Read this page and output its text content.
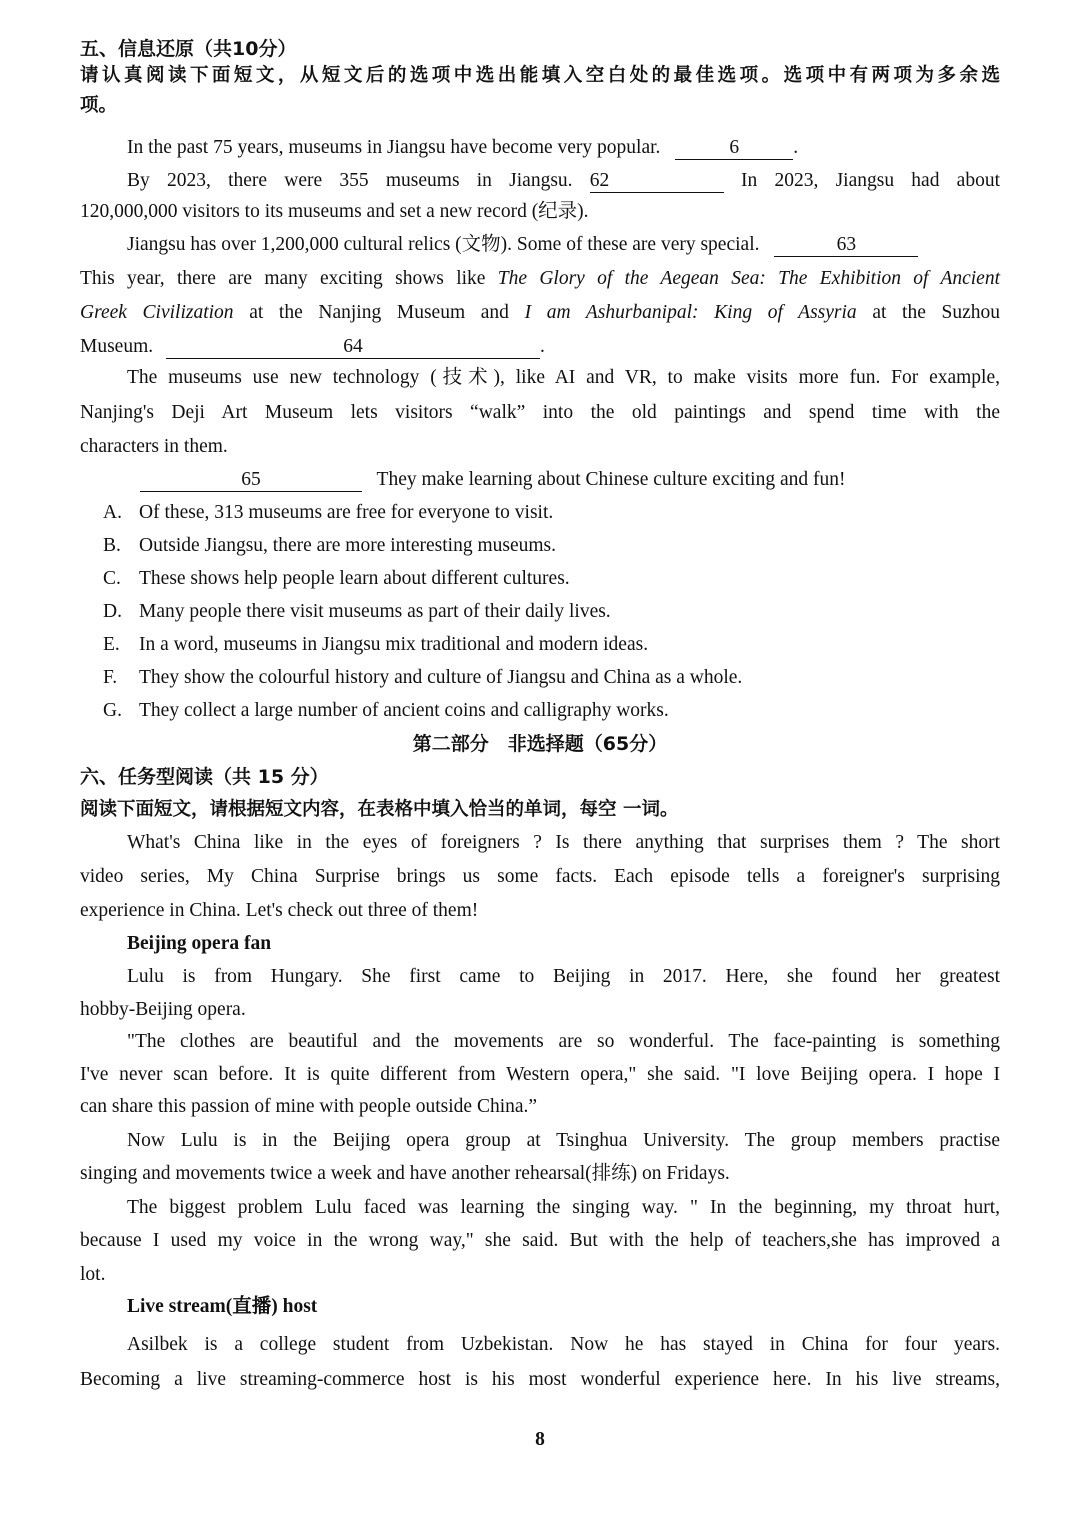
五、信息还原（共10分）
请认真阅读下面短文，从短文后的选项中选出能填入空白处的最佳选项。选项中有两项为多余选
项。
In the past 75 years, museums in Jiangsu have become very popular.	6	.
By 2023, there were 355 museums in Jiangsu. 62	In 2023, Jiangsu had about
120,000,000 visitors to its museums and set a new record (纪录).
Jiangsu has over 1,200,000 cultural relics (文物). Some of these are very special.	63
This year, there are many exciting shows like The Glory of the Aegean Sea: The Exhibition of Ancient
Greek Civilization at the Nanjing Museum and I am Ashurbanipal: King of Assyria at the Suzhou
Museum.	64	.
The museums use new technology (技术), like AI and VR, to make visits more fun. For example,
Nanjing's Deji Art Museum lets visitors “walk” into the old paintings and spend time with the
characters in them.
65	They make learning about Chinese culture exciting and fun!
A. Of these, 313 museums are free for everyone to visit.
B. Outside Jiangsu, there are more interesting museums.
C. These shows help people learn about different cultures.
D. Many people there visit museums as part of their daily lives.
E. In a word, museums in Jiangsu mix traditional and modern ideas.
F. They show the colourful history and culture of Jiangsu and China as a whole.
G. They collect a large number of ancient coins and calligraphy works.
第二部分　非选择题（65分）
六、任务型阅读（共 15 分）
阅读下面短文，请根据短文内容，在表格中填入恰当的单词，每空 一词。
What's China like in the eyes of foreigners ? Is there anything that surprises them ? The short
video series, My China Surprise brings us some facts. Each episode tells a foreigner's surprising
experience in China. Let's check out three of them!
Beijing opera fan
Lulu is from Hungary. She first came to Beijing in 2017. Here, she found her greatest
hobby-Beijing opera.
"The clothes are beautiful and the movements are so wonderful. The face-painting is something
I've never scan before. It is quite different from Western opera," she said. "I love Beijing opera. I hope I
can share this passion of mine with people outside China.”
Now Lulu is in the Beijing opera group at Tsinghua University. The group members practise
singing and movements twice a week and have another rehearsal(排练) on Fridays.
The biggest problem Lulu faced was learning the singing way. " In the beginning, my throat hurt,
because I used my voice in the wrong way," she said. But with the help of teachers,she has improved a
lot.
Live stream(直播) host
Asilbek is a college student from Uzbekistan. Now he has stayed in China for four years.
Becoming a live streaming-commerce host is his most wonderful experience here. In his live streams,
8
